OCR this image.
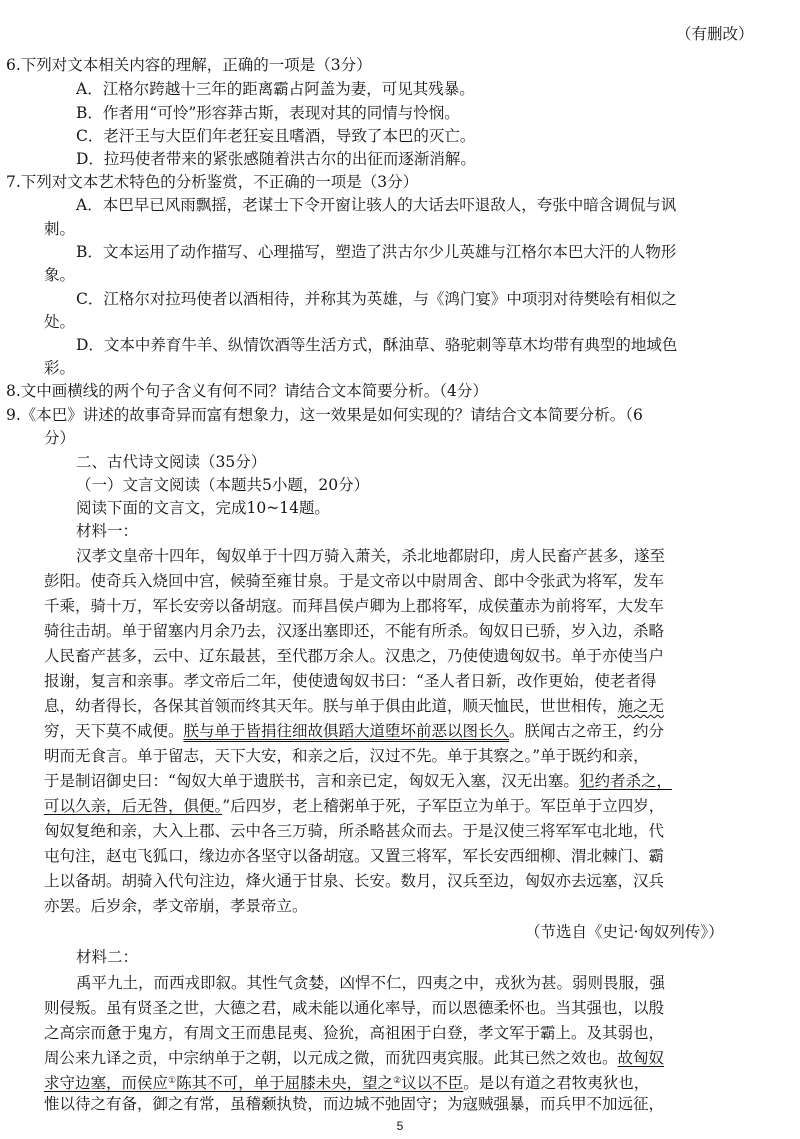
（有删改）
6.下列对文本相关内容的理解，正确的一项是（3分）
A．江格尔跨越十三年的距离霸占阿盖为妻，可见其残暴。
B．作者用“可怜”形容莽古斯，表现对其的同情与怜悯。
C．老汗王与大臣们年老狂妄且嗜酒，导致了本巴的灭亡。
D．拉玛使者带来的紧张感随着洪古尔的出征而逐渐消解。
7.下列对文本艺术特色的分析鉴赏，不正确的一项是（3分）
A．本巴早已风雨飘摇，老谋士下令开窗让骇人的大话去吓退敌人，夸张中暗含调侃与讽
刺。
B．文本运用了动作描写、心理描写，塑造了洪古尔少儿英雄与江格尔本巴大汗的人物形
象。
C．江格尔对拉玛使者以酒相待，并称其为英雄，与《鸿门宴》中项羽对待樊哙有相似之
处。
D．文本中养育牛羊、纵情饮酒等生活方式，酥油草、骆驼刺等草木均带有典型的地域色
彩。
8.文中画横线的两个句子含义有何不同？请结合文本简要分析。（4分）
9.《本巴》讲述的故事奇异而富有想象力，这一效果是如何实现的？请结合文本简要分析。（6
分）
二、古代诗文阅读（35分）
（一）文言文阅读（本题共5小题，20分）
阅读下面的文言文，完成10~14题。
材料一：
汉孝文皇帝十四年，匈奴单于十四万骑入萧关，杀北地都尉印，虏人民畜产甚多，遂至
彭阳。使奇兵入烧回中宫，候骑至雍甘泉。于是文帝以中尉周舍、郎中令张武为将军，发车
千乘，骑十万，军长安旁以备胡寇。而拜昌侯卢卿为上郡将军，成侯董赤为前将军，大发车
骑往击胡。单于留塞内月余乃去，汉逐出塞即还，不能有所杀。匈奴日已骄，岁入边，杀略
人民畜产甚多，云中、辽东最甚，至代郡万余人。汉患之，乃使使遗匈奴书。单于亦使当户
报谢，复言和亲事。孝文帝后二年，使使遗匈奴书曰：“圣人者日新，改作更始，使老者得
息，幼者得长，各保其首领而终其天年。朕与单于俱由此道，顺天恤民，世世相传，施之无
穷，天下莫不咸便。朕与单于皆捐往细故俱蹈大道堕坏前恶以图长久。朕闻古之帝王，约分
明而无食言。单于留志，天下大安，和亲之后，汉过不先。单于其察之。”单于既约和亲，
于是制诏御史曰：“匈奴大单于遗朕书，言和亲已定，匈奴无入塞，汉无出塞。犯约者杀之，
可以久亲，后无咎，俱便。”后四岁，老上稽粥单于死，子军臣立为单于。军臣单于立四岁，
匈奴复绝和亲，大入上郡、云中各三万骑，所杀略甚众而去。于是汉使三将军军屯北地，代
屯句注，赵屯飞狐口，缘边亦各坚守以备胡寇。又置三将军，军长安西细柳、渭北棘门、霸
上以备胡。胡骑入代句注边，烽火通于甘泉、长安。数月，汉兵至边，匈奴亦去远塞，汉兵
亦罢。后岁余，孝文帝崩，孝景帝立。
（节选自《史记·匈奴列传》）
材料二：
禹平九土，而西戎即叙。其性气贪婪，凶悍不仁，四夷之中，戎狄为甚。弱则畏服，强
则侵叛。虽有贤圣之世，大德之君，咸未能以通化率导，而以恩德柔怀也。当其强也，以殷
之高宗而惫于鬼方，有周文王而患昆夷、猃狁，高祖困于白登，孝文军于霸上。及其弱也，
周公来九译之贡，中宗纳单于之朝，以元成之微，而犹四夷宾服。此其已然之效也。故匈奴
求守边塞，而侯应①陈其不可，单于屈膝未央，望之②议以不臣。是以有道之君牧夷狄也，
惟以待之有备，御之有常，虽稽颡执贽，而边城不弛固守；为寇贼强暴，而兵甲不加远征，
5
